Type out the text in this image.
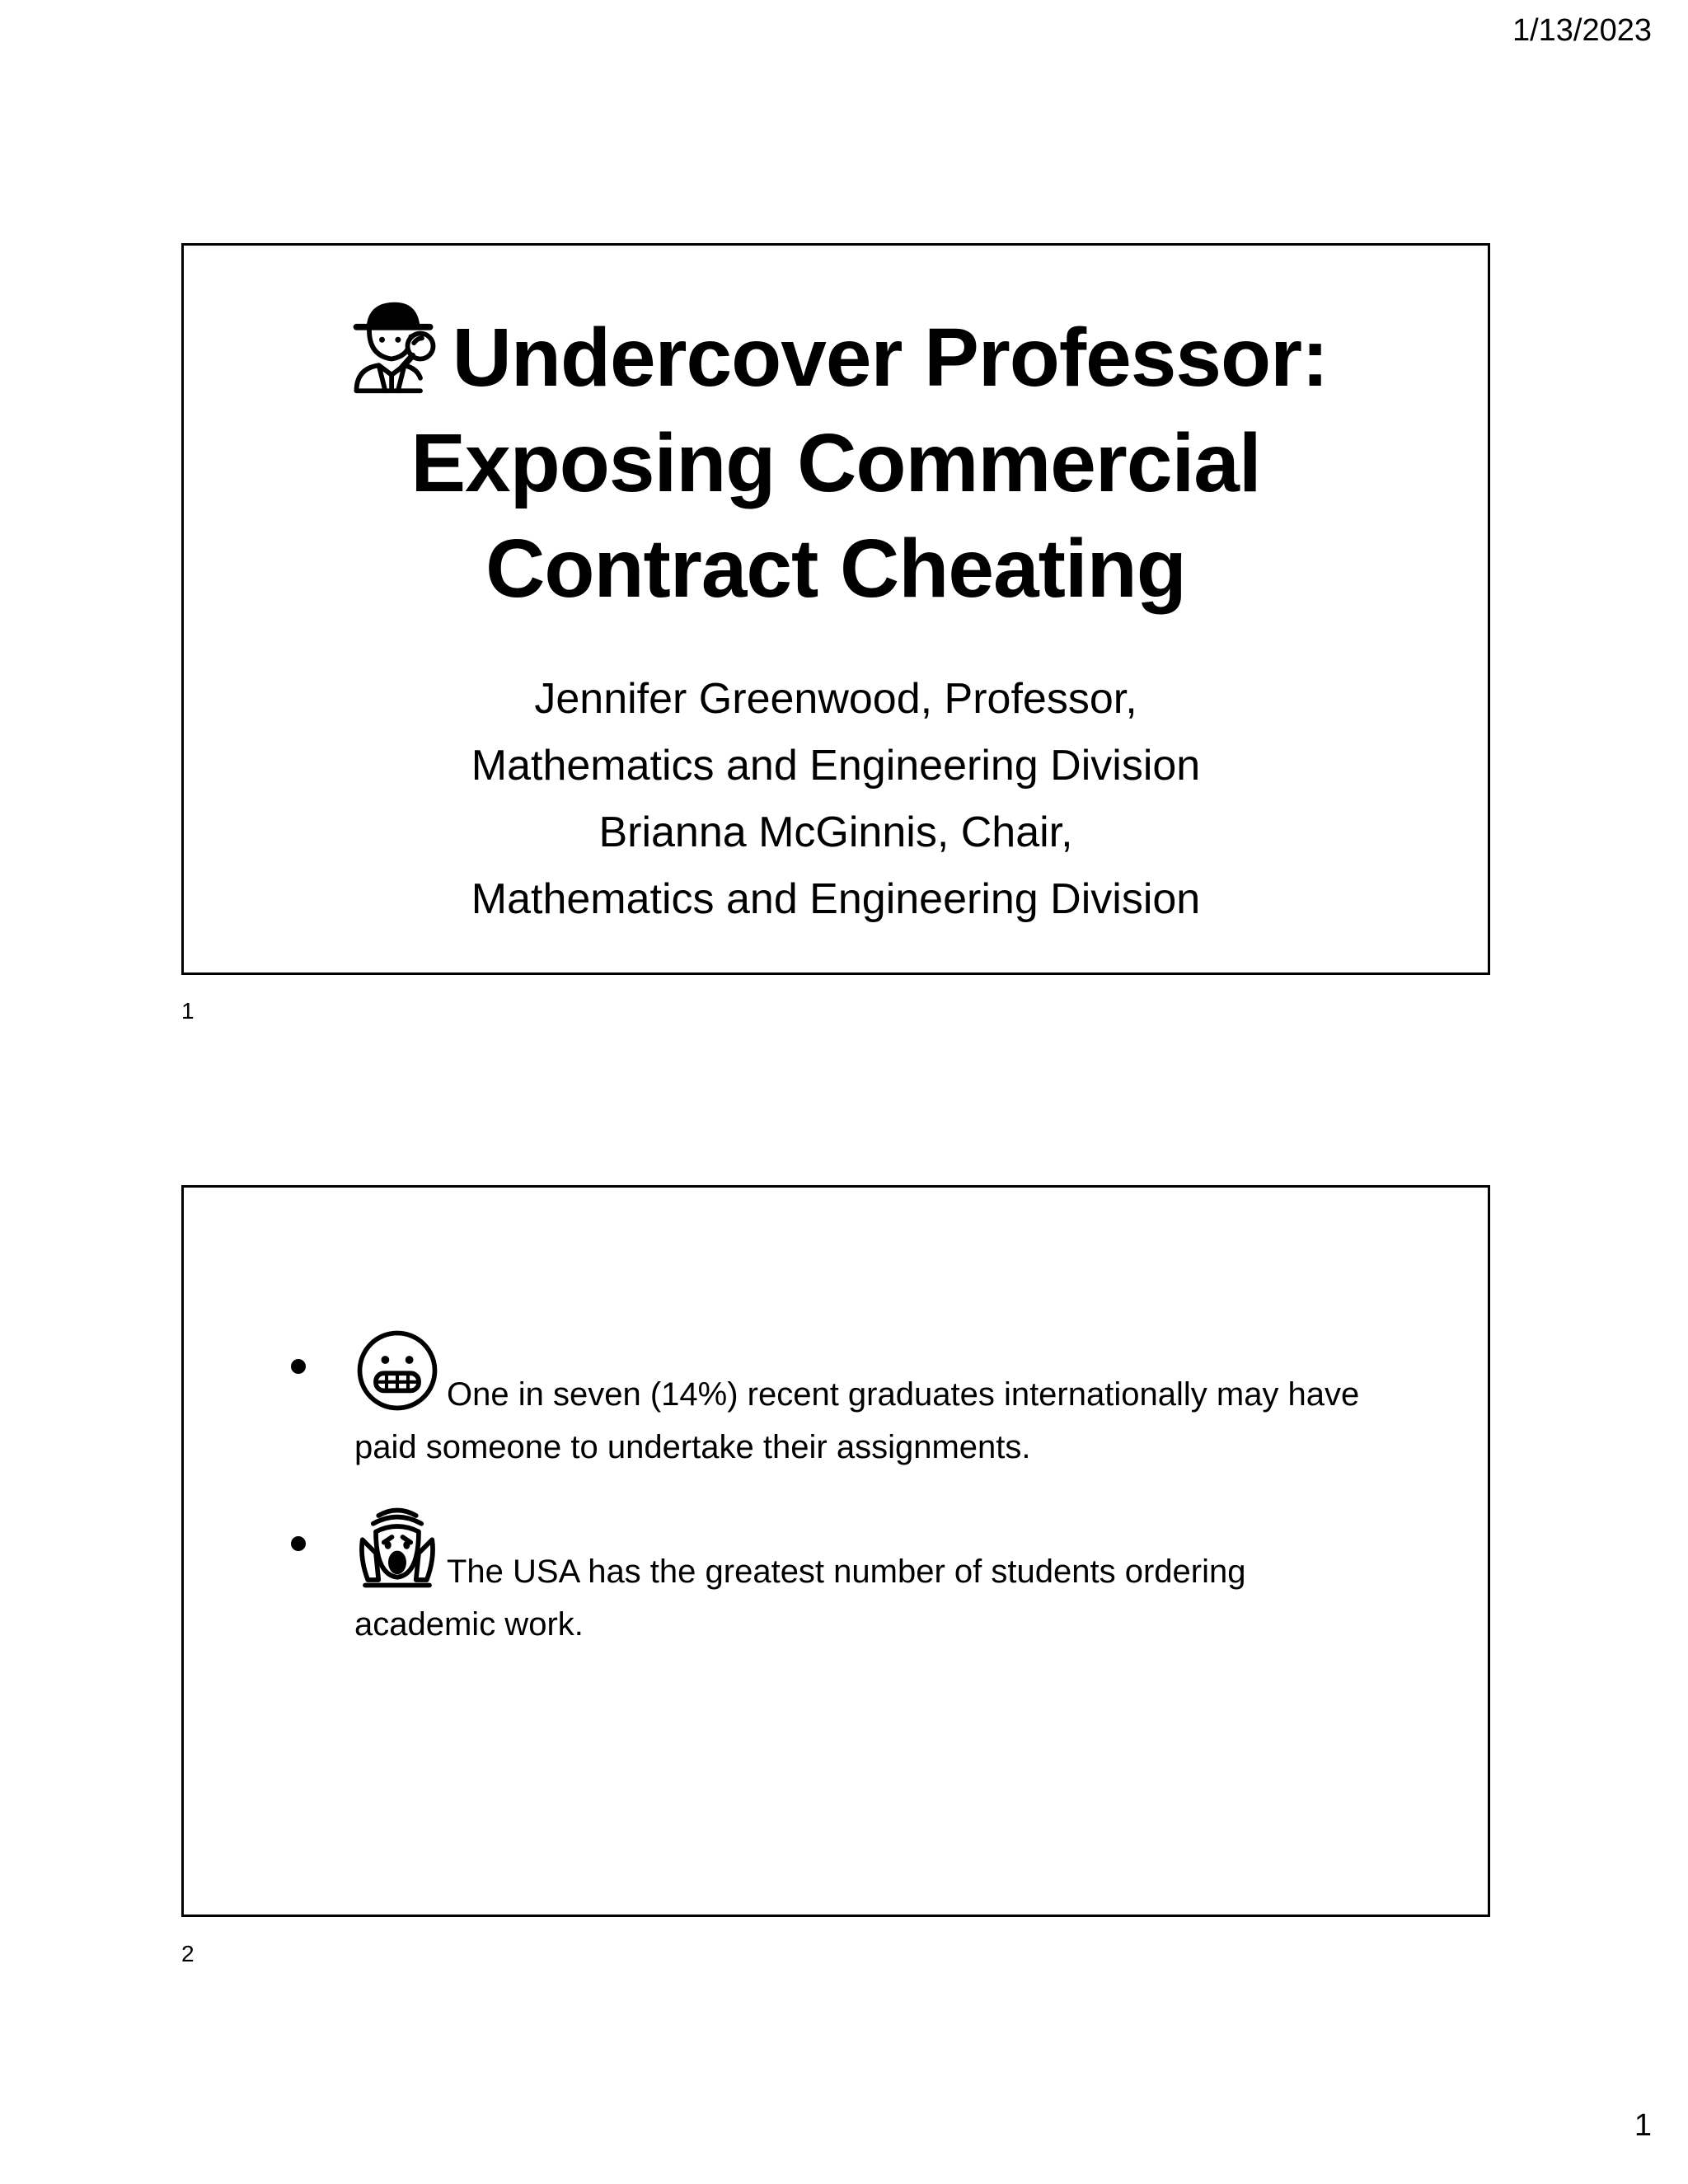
1/13/2023
Undercover Professor:
Exposing Commercial
Contract Cheating
Jennifer Greenwood, Professor,
Mathematics and Engineering Division
Brianna McGinnis, Chair,
Mathematics and Engineering Division
1
One in seven (14%) recent graduates internationally may have paid someone to undertake their assignments.
The USA has the greatest number of students ordering academic work.
2
1
